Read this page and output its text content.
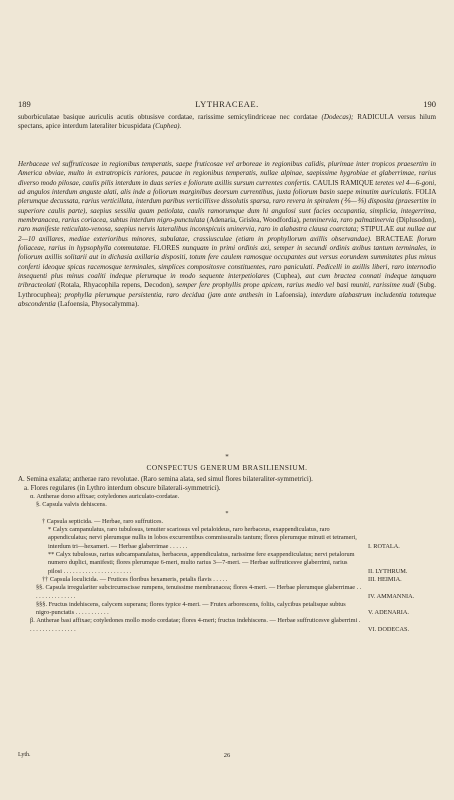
189	LYTHRACEAE.	190

suborbiculatae basique auriculis acutis obtusisve cordatae, rarissime semicylindriceae nec cordatae (Dodecas); RADICULA versus hilum spectans, apice interdum lateraliter bicuspidata (Cuphea).

Herbaceae vel suffruticosae in regionibus temperatis, saepe fruticosae vel arboreae in regionibus calidis, plurimae inter tropicos praesertim in America obviae, multo in extratropicis rariores, paucae in regionibus temperatis, nullae alpinae, saepissime hygrobiae et glaberrimae, rarius diverso modo pilosae, caulis pilis interdum in duas series e foliorum axillis sursum currentes confertis. CAULIS RAMIQUE teretes vel 4—6-goni, ad angulos interdum anguste alati, alis inde a foliorum marginibus deorsum currentibus, juxta foliorum basin saepe minutim auriculatis. FOLIA plerumque decussata, rarius verticillata, interdum paribus verticillisve dissolutis sparsa, raro revera in spiralem (⅖—⅗) disposita (praesertim in superiore caulis parte), saepius sessilia quam petiolata, caulis ramorumque dum hi angulosi sunt facies occupantia, simplicia, integerrima, membranacea, rarius coriacea, subtus interdum nigro-punctulata (Adenaria, Grislea, Woodfordia), penninervia, raro palmatinervia (Diplusodon), raro manifeste reticulato-venosa, saepius nervis lateralibus inconspicuis uninervia, raro in alabastra clausa coarctata; STIPULAE aut nullae aut 2—10 axillares, mediae exterioribus minores, subulatae, crassiusculae (etiam in prophyllorum axillis observandae). BRACTEAE florum foliaceae, rarius in hypsophylla commutatae. FLORES nunquam in primi ordinis axi, semper in secundi ordinis axibus tantum terminales, in foliorum axillis solitarii aut in dichasia axillaria dispositi, totum fere caulem ramosque occupantes aut versus eorundem summitates plus minus conferti ideoque spicas racemosque terminales, simplices compositosve constituentes, raro paniculati. Pedicelli in axillis liberi, raro internodio insequenti plus minus coaliti indeque plerumque in modo sequente interpetiolares (Cuphea), aut cum bractea connati indeque tanquam tribracteolati (Rotala, Rhyacophila repens, Decodon), semper fere prophyllis prope apicem, rarius medio vel basi muniti, rarissime nudi (Subg. Lythrocuphea); prophylla plerumque persistentia, raro decidua (jam ante anthesin in Lafoensia), interdum alabastrum includentia totumque abscondentia (Lafoensia, Physocalymma).

*
CONSPECTUS GENERUM BRASILIENSIUM.
A. Semina exalata; antherae raro revolutae. (Raro semina alata, sed simul flores bilateraliter-symmetrici).
a. Flores regulares (in Lythro interdum obscure bilaterali-symmetrici).
α. Antherae dorso affixae; cotyledones auriculato-cordatae.
§. Capsula valvis dehiscens.
*
† Capsula septicida. — Herbae, raro suffrutices.
* Calyx campanulatus, raro tubulosus, tenuiter scariosus vel petaloideus, raro herbaceus, exappendiculatus, raro appendiculatus; nervi plerumque nullis in lobos excurrentibus commissuralis tantum; flores plerumque minuti et tetrameri, interdum tri—hexameri. — Herbae glaberrimae . . . . . .	I. ROTALA.
** Calyx tubulosus, rarius subcampanulatus, herbaceus, appendiculatus, rarissime fere exappendiculatus; nervi petalorum numero duplici, manifesti; flores plerumque 6-meri, multo rarius 3—7-meri. — Herbae suffruticesve glaberrimi, rarius pilosi . . . . . . . . . . . . . . . . . . . . . .	II. LYTHRUM.
†† Capsula loculicida. — Frutices floribus hexameris, petalis flavis . . . . .	III. HEIMIA.
§§. Capsula irregulariter subcircumscisse rumpens, tenuissime membranacea; flores 4-meri. — Herbae plerumque glaberrimae . . . . . . . . . . . . . . .	IV. AMMANNIA.
§§§. Fructus indehiscens, calycem superans; flores typice 4-meri. — Frutex arborescens, foliis, calycibus petalisque subtus nigro-punctatis . . . . . . . . . . .	V. ADENARIA.
β. Antherae basi affixae; cotyledones mollo modo cordatae; flores 4-meri; fructus indehiscens. — Herbae suffruticesve glaberrimi . . . . . . . . . . . . . . . .	VI. DODECAS.
Lyth.	26
